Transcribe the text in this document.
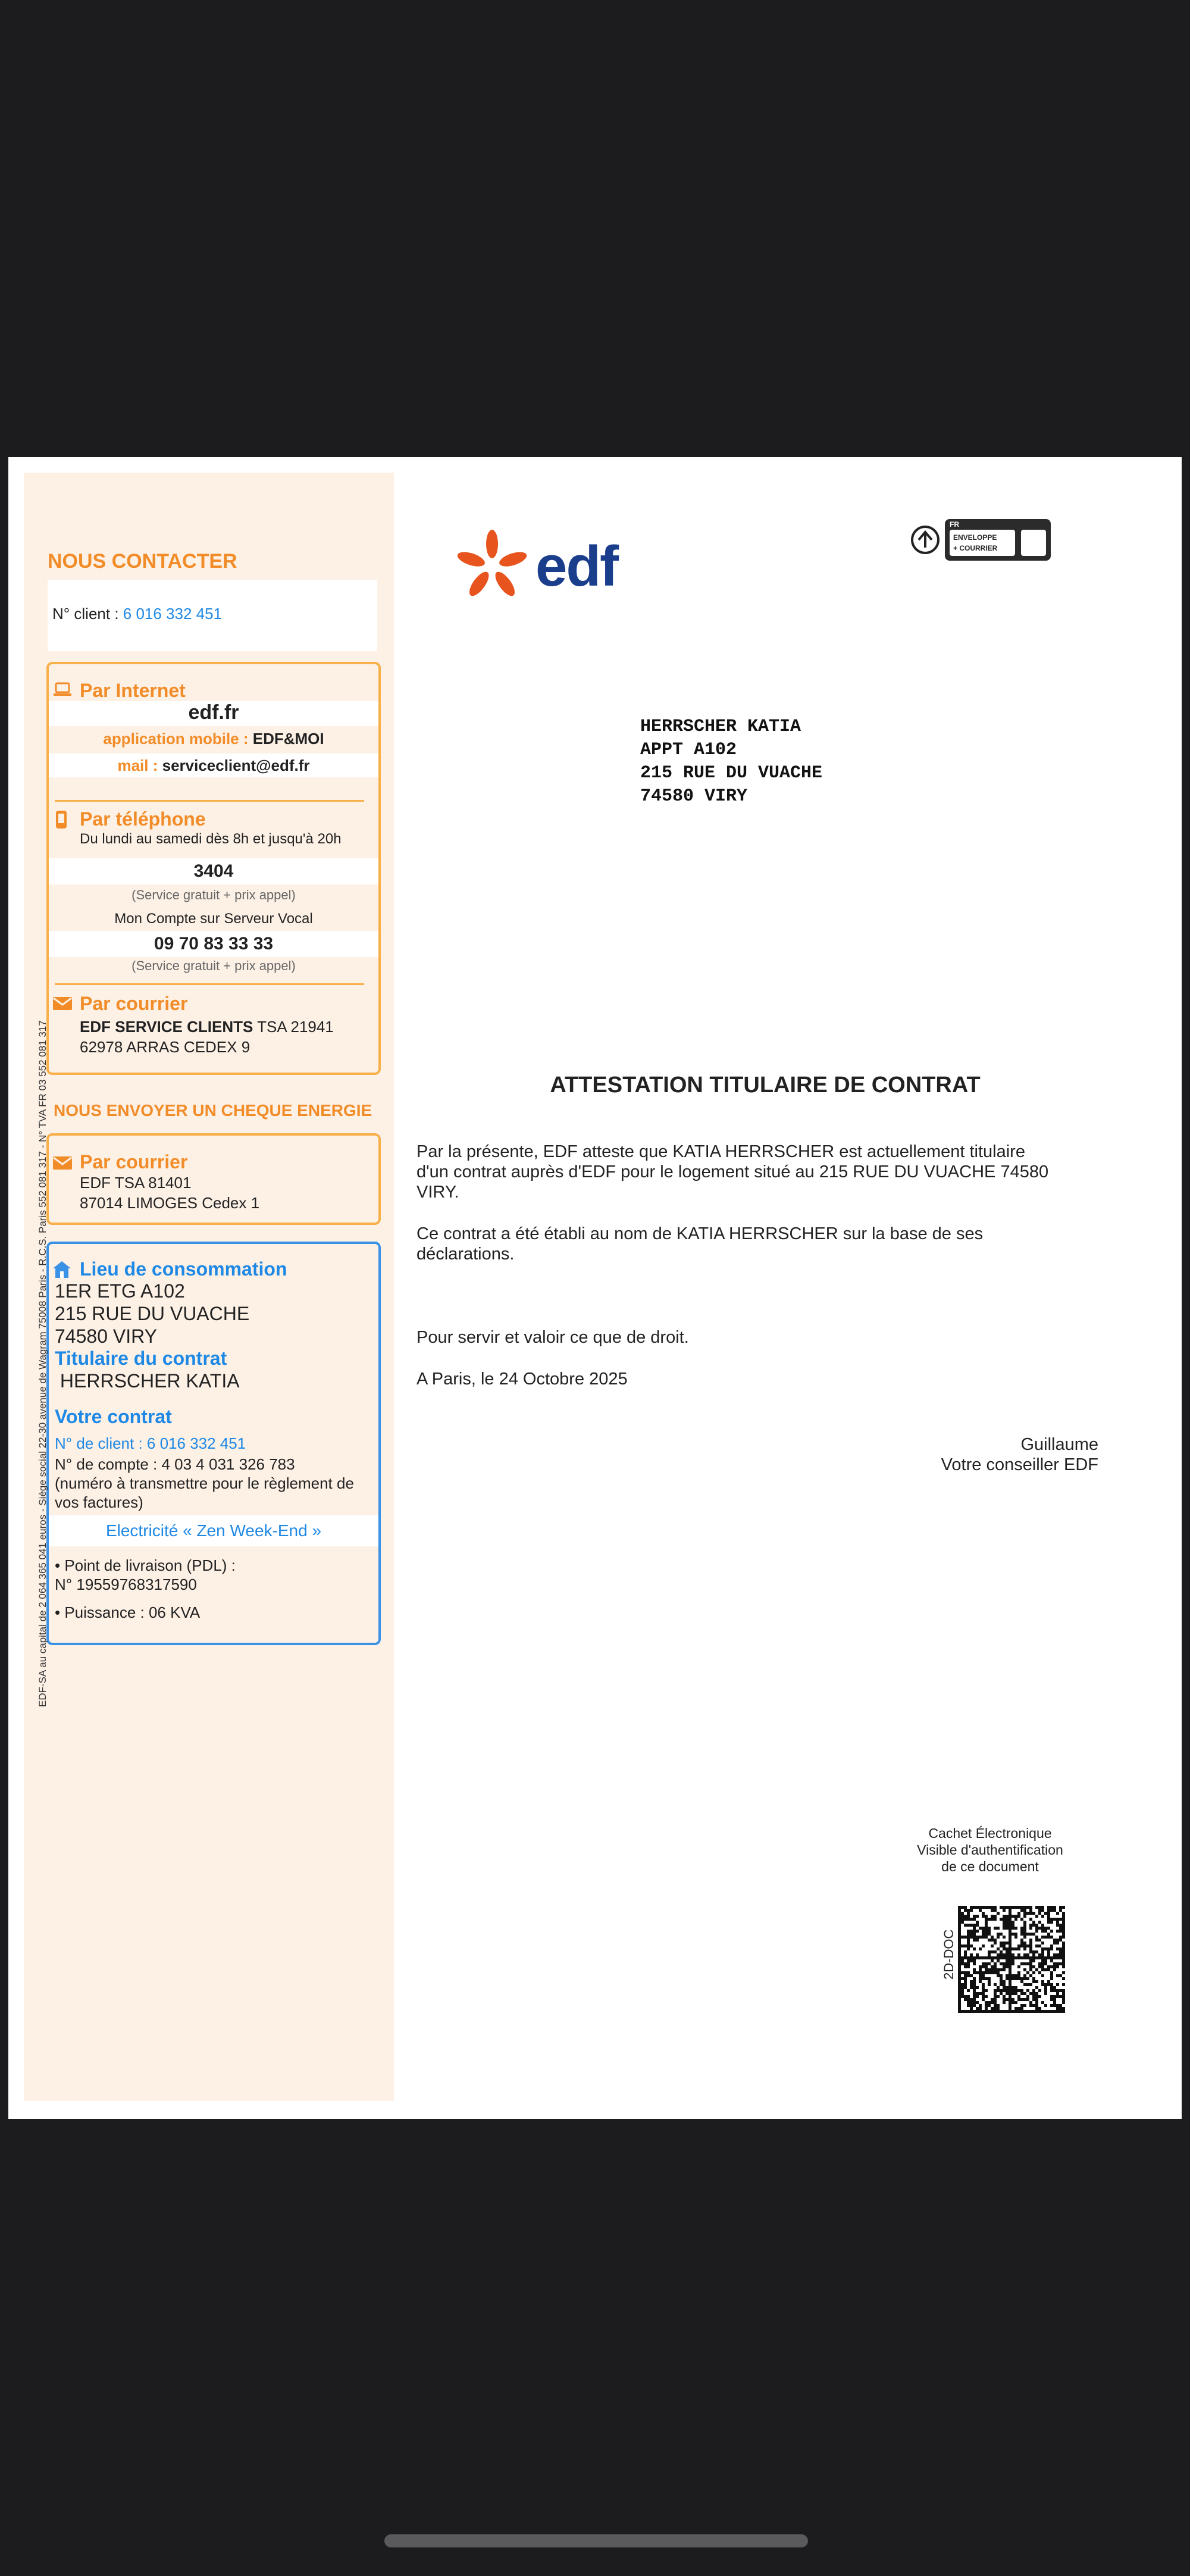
NOUS CONTACTER
N° client : 6 016 332 451
Par Internet
edf.fr
application mobile : EDF&MOI
mail : serviceclient@edf.fr
Par téléphone
Du lundi au samedi dès 8h et jusqu'à 20h
3404
(Service gratuit + prix appel)
Mon Compte sur Serveur Vocal
09 70 83 33 33
(Service gratuit + prix appel)
Par courrier
EDF SERVICE CLIENTS TSA 21941
62978 ARRAS CEDEX 9
NOUS ENVOYER UN CHEQUE ENERGIE
Par courrier
EDF TSA 81401
87014 LIMOGES Cedex 1
Lieu de consommation
1ER ETG A102
215 RUE DU VUACHE
74580 VIRY
Titulaire du contrat
HERRSCHER KATIA
Votre contrat
N° de client : 6 016 332 451
N° de compte : 4 03 4 031 326 783
(numéro à transmettre pour le règlement de
vos factures)
Electricité « Zen Week-End »
• Point de livraison (PDL) :
N° 19559768317590
• Puissance : 06 KVA
EDF-SA au capital de 2 064 365 041 euros - Siège social 22-30 avenue de Wagram 75008 Paris - R.C.S. Paris 552 081 317 - N° TVA FR 03 552 081 317
edf
FR
ENVELOPPE
+ COURRIER
HERRSCHER KATIA
APPT A102
215 RUE DU VUACHE
74580 VIRY
ATTESTATION TITULAIRE DE CONTRAT
Par la présente, EDF atteste que KATIA HERRSCHER est actuellement titulaire
d'un contrat auprès d'EDF pour le logement situé au 215 RUE DU VUACHE 74580
VIRY.
Ce contrat a été établi au nom de KATIA HERRSCHER sur la base de ses
déclarations.
Pour servir et valoir ce que de droit.
A Paris, le 24 Octobre 2025
Guillaume
Votre conseiller EDF
Cachet Électronique
Visible d'authentification
de ce document
2D-DOC
